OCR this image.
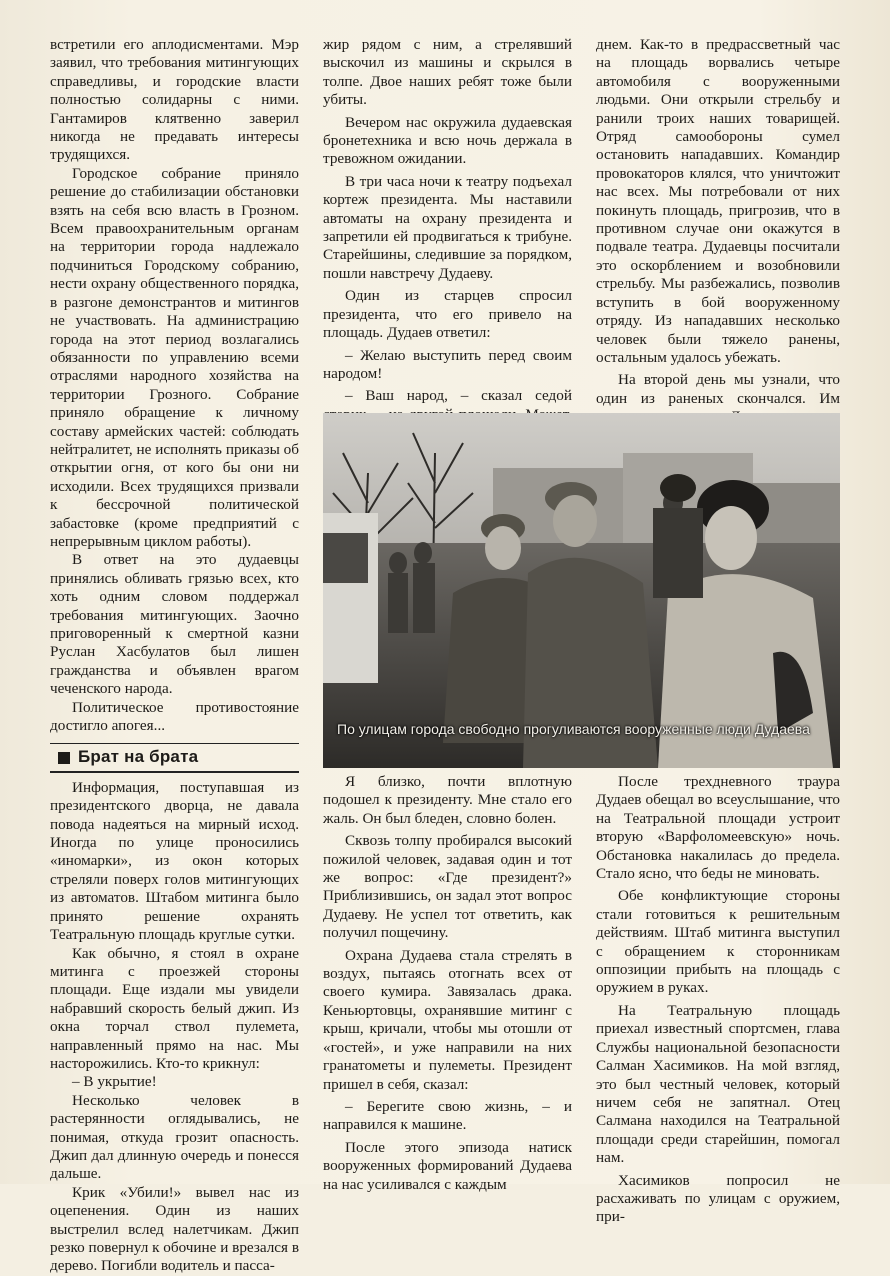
встретили его аплодисментами. Мэр заявил, что требования митингующих справедливы, и городские власти полностью солидарны с ними. Гантамиров клятвенно заверил никогда не предавать интересы трудящихся.

Городское собрание приняло решение до стабилизации обстановки взять на себя всю власть в Грозном. Всем правоохранительным органам на территории города надлежало подчиниться Городскому собранию, нести охрану общественного порядка, в разгоне демонстрантов и митингов не участвовать. На администрацию города на этот период возлагались обязанности по управлению всеми отраслями народного хозяйства на территории Грозного. Собрание приняло обращение к личному составу армейских частей: соблюдать нейтралитет, не исполнять приказы об открытии огня, от кого бы они ни исходили. Всех трудящихся призвали к бессрочной политической забастовке (кроме предприятий с непрерывным циклом работы).

В ответ на это дудаевцы принялись обливать грязью всех, кто хоть одним словом поддержал требования митингующих. Заочно приговоренный к смертной казни Руслан Хасбулатов был лишен гражданства и объявлен врагом чеченского народа.

Политическое противостояние достигло апогея...

Брат на брата

Информация, поступавшая из президентского дворца, не давала повода надеяться на мирный исход. Иногда по улице проносились «иномарки», из окон которых стреляли поверх голов митингующих из автоматов. Штабом митинга было принято решение охранять Театральную площадь круглые сутки.

Как обычно, я стоял в охране митинга с проезжей стороны площади. Еще издали мы увидели набравший скорость белый джип. Из окна торчал ствол пулемета, направленный прямо на нас. Мы насторожились. Кто-то крикнул:

– В укрытие!

Несколько человек в растерянности оглядывались, не понимая, откуда грозит опасность. Джип дал длинную очередь и понесся дальше.

Крик «Убили!» вывел нас из оцепенения. Один из наших выстрелил вслед налетчикам. Джип резко повернул к обочине и врезался в дерево. Погибли водитель и пасса-

жир рядом с ним, а стрелявший выскочил из машины и скрылся в толпе. Двое наших ребят тоже были убиты.

Вечером нас окружила дудаевская бронетехника и всю ночь держала в тревожном ожидании.

В три часа ночи к театру подъехал кортеж президента. Мы наставили автоматы на охрану президента и запретили ей продвигаться к трибуне. Старейшины, следившие за порядком, пошли навстречу Дудаеву.

Один из старцев спросил президента, что его привело на площадь. Дудаев ответил:

– Желаю выступить перед своим народом!

– Ваш народ, – сказал седой

днем. Как-то в предрассветный час на площадь ворвались четыре автомобиля с вооруженными людьми. Они открыли стрельбу и ранили троих наших товарищей. Отряд самообороны сумел остановить нападавших. Командир провокаторов клялся, что уничтожит нас всех. Мы потребовали от них покинуть площадь, пригрозив, что в противном случае они окажутся в подвале театра. Дудаевцы посчитали это оскорблением и возобновили стрельбу. Мы разбежались, позволив вступить в бой вооруженному отряду. Из нападавших несколько человек были тяжело ранены, остальным удалось убежать.

На второй день мы узнали, что один из раненых скончался. Им

По улицам города свободно прогуливаются вооруженные люди Дудаева

Я близко, почти вплотную подошел к президенту. Мне стало его жаль. Он был бледен, словно болен.

Сквозь толпу пробирался высокий пожилой человек, задавая один и тот же вопрос: «Где президент?» Приблизившись, он задал этот вопрос Дудаеву. Не успел тот ответить, как получил пощечину.

Охрана Дудаева стала стрелять в воздух, пытаясь отогнать всех от своего кумира. Завязалась драка. Кеньюртовцы, охранявшие митинг с крыш, кричали, чтобы мы отошли от «гостей», и уже направили на них гранатометы и пулеметы. Президент пришел в себя, сказал:

– Берегите свою жизнь, – и направился к машине.

После этого эпизода натиск вооруженных формирований Дудаева на нас усиливался с каждым

После трехдневного траура Дудаев обещал во всеуслышание, что на Театральной площади устроит вторую «Варфоломеевскую» ночь. Обстановка накалилась до предела. Стало ясно, что беды не миновать.

Обе конфликтующие стороны стали готовиться к решительным действиям. Штаб митинга выступил с обращением к сторонникам оппозиции прибыть на площадь с оружием в руках.

На Театральную площадь приехал известный спортсмен, глава Службы национальной безопасности Салман Хасимиков. На мой взгляд, это был честный человек, который ничем себя не запятнал. Отец Салмана находился на Театральной площади среди старейшин, помогал нам.

Хасимиков попросил не расхаживать по улицам с оружием, при-
